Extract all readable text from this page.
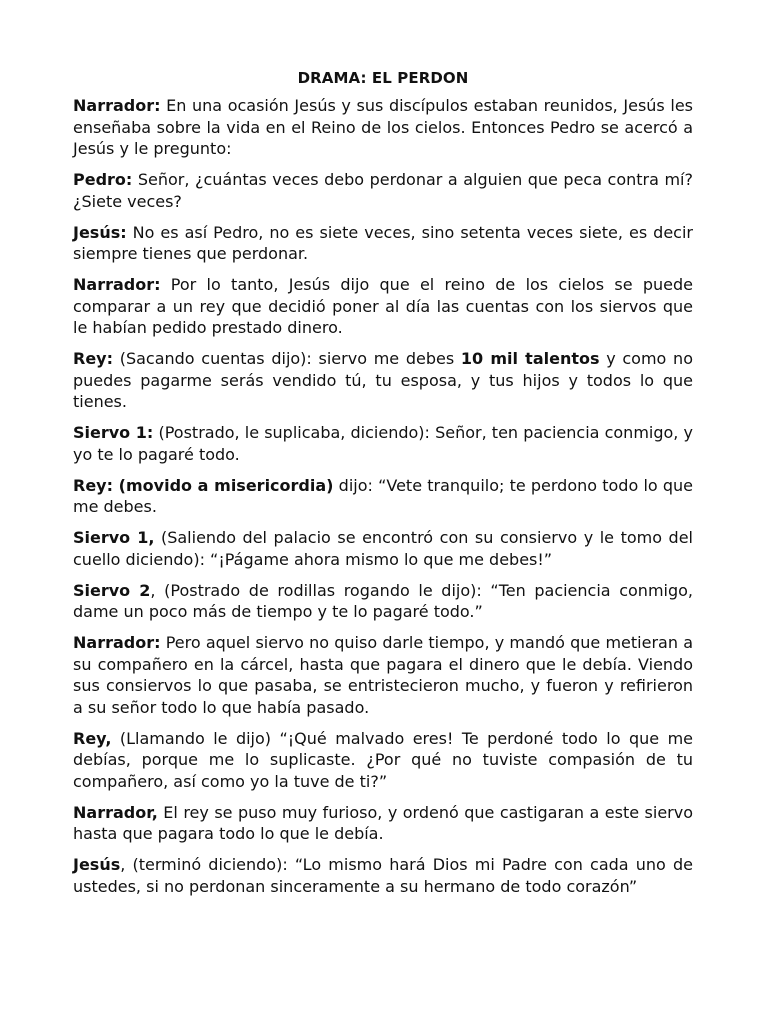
DRAMA: EL PERDON

Narrador: En una ocasión Jesús y sus discípulos estaban reunidos, Jesús les enseñaba sobre la vida en el Reino de los cielos. Entonces Pedro se acercó a Jesús y le pregunto:

Pedro: Señor, ¿cuántas veces debo perdonar a alguien que peca contra mí? ¿Siete veces?

Jesús: No es así Pedro, no es siete veces, sino setenta veces siete, es decir siempre tienes que perdonar.

Narrador: Por lo tanto, Jesús dijo que el reino de los cielos se puede comparar a un rey que decidió poner al día las cuentas con los siervos que le habían pedido prestado dinero.

Rey: (Sacando cuentas dijo): siervo me debes 10 mil talentos y como no puedes pagarme serás vendido tú, tu esposa, y tus hijos y todos lo que tienes.

Siervo 1: (Postrado, le suplicaba, diciendo): Señor, ten paciencia conmigo, y yo te lo pagaré todo.

Rey: (movido a misericordia) dijo: “Vete tranquilo; te perdono todo lo que me debes.

Siervo 1, (Saliendo del palacio se encontró con su consiervo y le tomo del cuello diciendo): “¡Págame ahora mismo lo que me debes!”

Siervo 2, (Postrado de rodillas rogando le dijo): “Ten paciencia conmigo, dame un poco más de tiempo y te lo pagaré todo.”

Narrador: Pero aquel siervo no quiso darle tiempo, y mandó que metieran a su compañero en la cárcel, hasta que pagara el dinero que le debía. Viendo sus consiervos lo que pasaba, se entristecieron mucho, y fueron y refirieron a su señor todo lo que había pasado.

Rey, (Llamando le dijo) “¡Qué malvado eres! Te perdoné todo lo que me debías, porque me lo suplicaste. ¿Por qué no tuviste compasión de tu compañero, así como yo la tuve de ti?”

Narrador, El rey se puso muy furioso, y ordenó que castigaran a este siervo hasta que pagara todo lo que le debía.

Jesús, (terminó diciendo): “Lo mismo hará Dios mi Padre con cada uno de ustedes, si no perdonan sinceramente a su hermano de todo corazón”
